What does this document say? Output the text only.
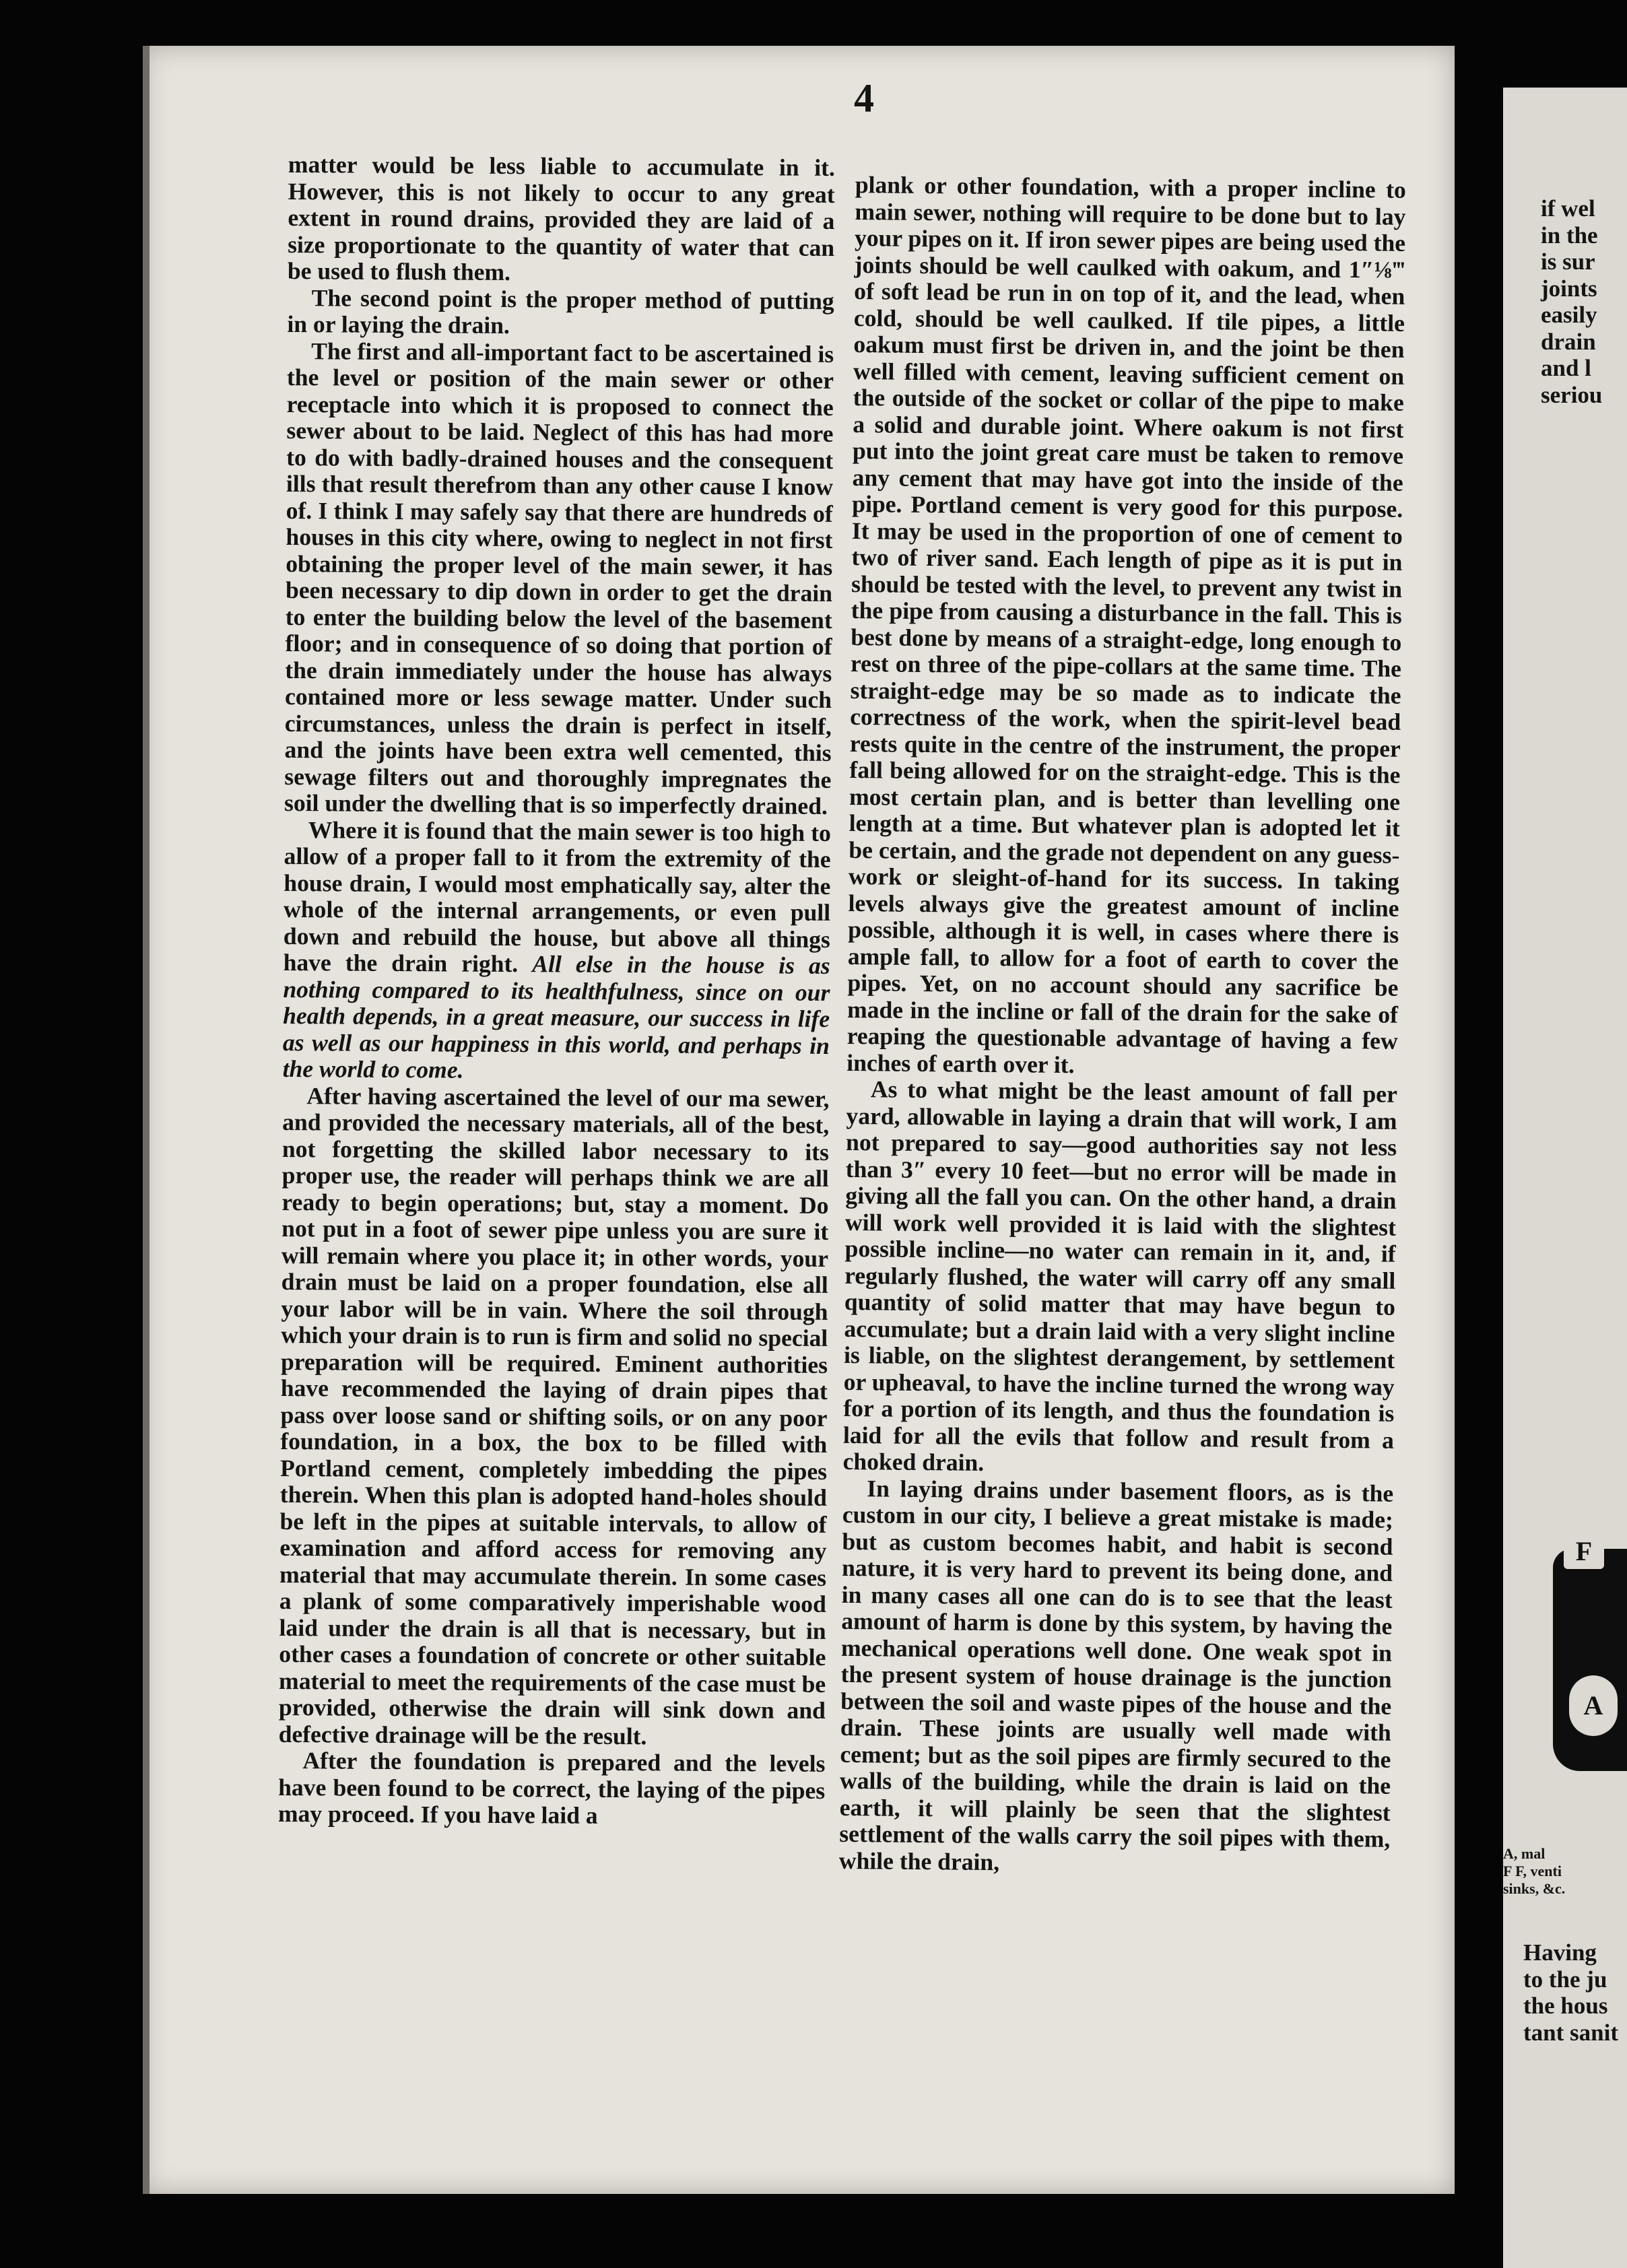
4

matter would be less liable to accumulate in it. However, this is not likely to occur to any great extent in round drains, provided they are laid of a size proportionate to the quantity of water that can be used to flush them.

The second point is the proper method of putting in or laying the drain.

The first and all-important fact to be ascertained is the level or position of the main sewer or other receptacle into which it is proposed to connect the sewer about to be laid. Neglect of this has had more to do with badly-drained houses and the consequent ills that result therefrom than any other cause I know of. I think I may safely say that there are hundreds of houses in this city where, owing to neglect in not first obtaining the proper level of the main sewer, it has been necessary to dip down in order to get the drain to enter the building below the level of the basement floor; and in consequence of so doing that portion of the drain immediately under the house has always contained more or less sewage matter. Under such circumstances, unless the drain is perfect in itself, and the joints have been extra well cemented, this sewage filters out and thoroughly impregnates the soil under the dwelling that is so imperfectly drained.

Where it is found that the main sewer is too high to allow of a proper fall to it from the extremity of the house drain, I would most emphatically say, alter the whole of the internal arrangements, or even pull down and rebuild the house, but above all things have the drain right. All else in the house is as nothing compared to its healthfulness, since on our health depends, in a great measure, our success in life as well as our happiness in this world, and perhaps in the world to come.

After having ascertained the level of our ma sewer, and provided the necessary materials, all of the best, not forgetting the skilled labor necessary to its proper use, the reader will perhaps think we are all ready to begin operations; but, stay a moment. Do not put in a foot of sewer pipe unless you are sure it will remain where you place it; in other words, your drain must be laid on a proper foundation, else all your labor will be in vain. Where the soil through which your drain is to run is firm and solid no special preparation will be required. Eminent authorities have recommended the laying of drain pipes that pass over loose sand or shifting soils, or on any poor foundation, in a box, the box to be filled with Portland cement, completely imbedding the pipes therein. When this plan is adopted hand-holes should be left in the pipes at suitable intervals, to allow of examination and afford access for removing any material that may accumulate therein. In some cases a plank of some comparatively imperishable wood laid under the drain is all that is necessary, but in other cases a foundation of concrete or other suitable material to meet the requirements of the case must be provided, otherwise the drain will sink down and defective drainage will be the result.

After the foundation is prepared and the levels have been found to be correct, the laying of the pipes may proceed. If you have laid a

plank or other foundation, with a proper incline to main sewer, nothing will require to be done but to lay your pipes on it. If iron sewer pipes are being used the joints should be well caulked with oakum, and 1″⅛‴ of soft lead be run in on top of it, and the lead, when cold, should be well caulked. If tile pipes, a little oakum must first be driven in, and the joint be then well filled with cement, leaving sufficient cement on the outside of the socket or collar of the pipe to make a solid and durable joint. Where oakum is not first put into the joint great care must be taken to remove any cement that may have got into the inside of the pipe. Portland cement is very good for this purpose. It may be used in the proportion of one of cement to two of river sand. Each length of pipe as it is put in should be tested with the level, to prevent any twist in the pipe from causing a disturbance in the fall. This is best done by means of a straight-edge, long enough to rest on three of the pipe-collars at the same time. The straight-edge may be so made as to indicate the correctness of the work, when the spirit-level bead rests quite in the centre of the instrument, the proper fall being allowed for on the straight-edge. This is the most certain plan, and is better than levelling one length at a time. But whatever plan is adopted let it be certain, and the grade not dependent on any guess-work or sleight-of-hand for its success. In taking levels always give the greatest amount of incline possible, although it is well, in cases where there is ample fall, to allow for a foot of earth to cover the pipes. Yet, on no account should any sacrifice be made in the incline or fall of the drain for the sake of reaping the questionable advantage of having a few inches of earth over it.

As to what might be the least amount of fall per yard, allowable in laying a drain that will work, I am not prepared to say—good authorities say not less than 3″ every 10 feet—but no error will be made in giving all the fall you can. On the other hand, a drain will work well provided it is laid with the slightest possible incline—no water can remain in it, and, if regularly flushed, the water will carry off any small quantity of solid matter that may have begun to accumulate; but a drain laid with a very slight incline is liable, on the slightest derangement, by settlement or upheaval, to have the incline turned the wrong way for a portion of its length, and thus the foundation is laid for all the evils that follow and result from a choked drain.

In laying drains under basement floors, as is the custom in our city, I believe a great mistake is made; but as custom becomes habit, and habit is second nature, it is very hard to prevent its being done, and in many cases all one can do is to see that the least amount of harm is done by this system, by having the mechanical operations well done. One weak spot in the present system of house drainage is the junction between the soil and waste pipes of the house and the drain. These joints are usually well made with cement; but as the soil pipes are firmly secured to the walls of the building, while the drain is laid on the earth, it will plainly be seen that the slightest settlement of the walls carry the soil pipes with them, while the drain,

if wel
in the
is sur
joints
easily
drain
and l
seriou
F
A
A, mal
F F, venti
sinks, &c.
Having
to the ju
the hous
tant sanit
